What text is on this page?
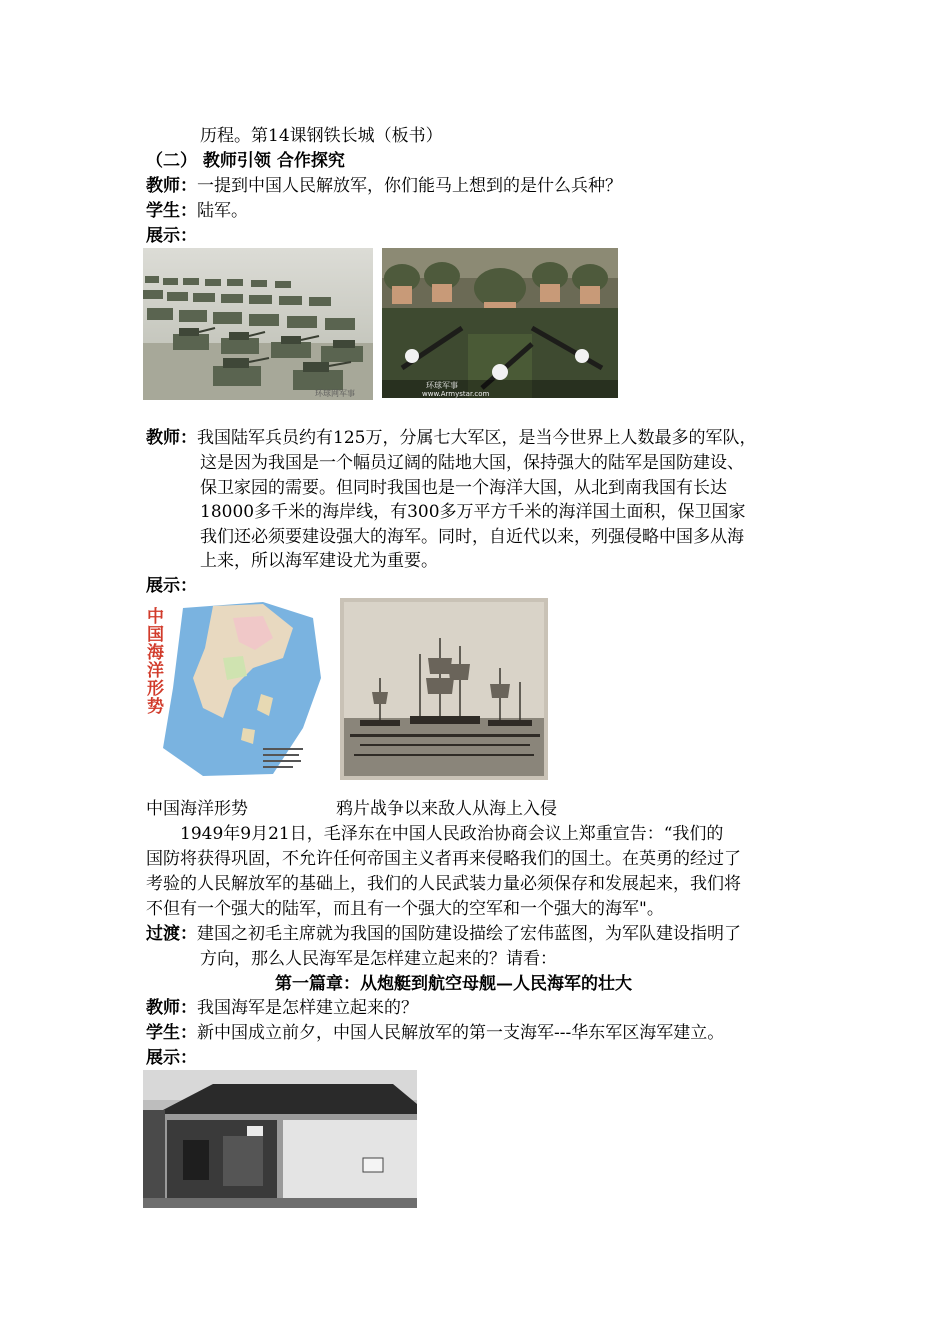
历程。第14课钢铁长城（板书）
（二） 教师引领 合作探究
教师：一提到中国人民解放军，你们能马上想到的是什么兵种？
学生：陆军。
展示：
环球网军事
环球军事
www.Armystar.com
教师：我国陆军兵员约有125万，分属七大军区，是当今世界上人数最多的军队，
这是因为我国是一个幅员辽阔的陆地大国，保持强大的陆军是国防建设、
保卫家园的需要。但同时我国也是一个海洋大国，从北到南我国有长达
18000多千米的海岸线，有300多万平方千米的海洋国土面积，保卫国家
我们还必须要建设强大的海军。同时，自近代以来，列强侵略中国多从海
上来，所以海军建设尤为重要。
展示：
中
国
海
洋
形
势
中国海洋形势	鸦片战争以来敌人从海上入侵
1949年9月21日，毛泽东在中国人民政治协商会议上郑重宣告：“我们的
国防将获得巩固，不允许任何帝国主义者再来侵略我们的国土。在英勇的经过了
考验的人民解放军的基础上，我们的人民武装力量必须保存和发展起来，我们将
不但有一个强大的陆军，而且有一个强大的空军和一个强大的海军"。
过渡：建国之初毛主席就为我国的国防建设描绘了宏伟蓝图，为军队建设指明了
方向，那么人民海军是怎样建立起来的？请看：
第一篇章：从炮艇到航空母舰—人民海军的壮大
教师：我国海军是怎样建立起来的？
学生：新中国成立前夕，中国人民解放军的第一支海军---华东军区海军建立。
展示：
